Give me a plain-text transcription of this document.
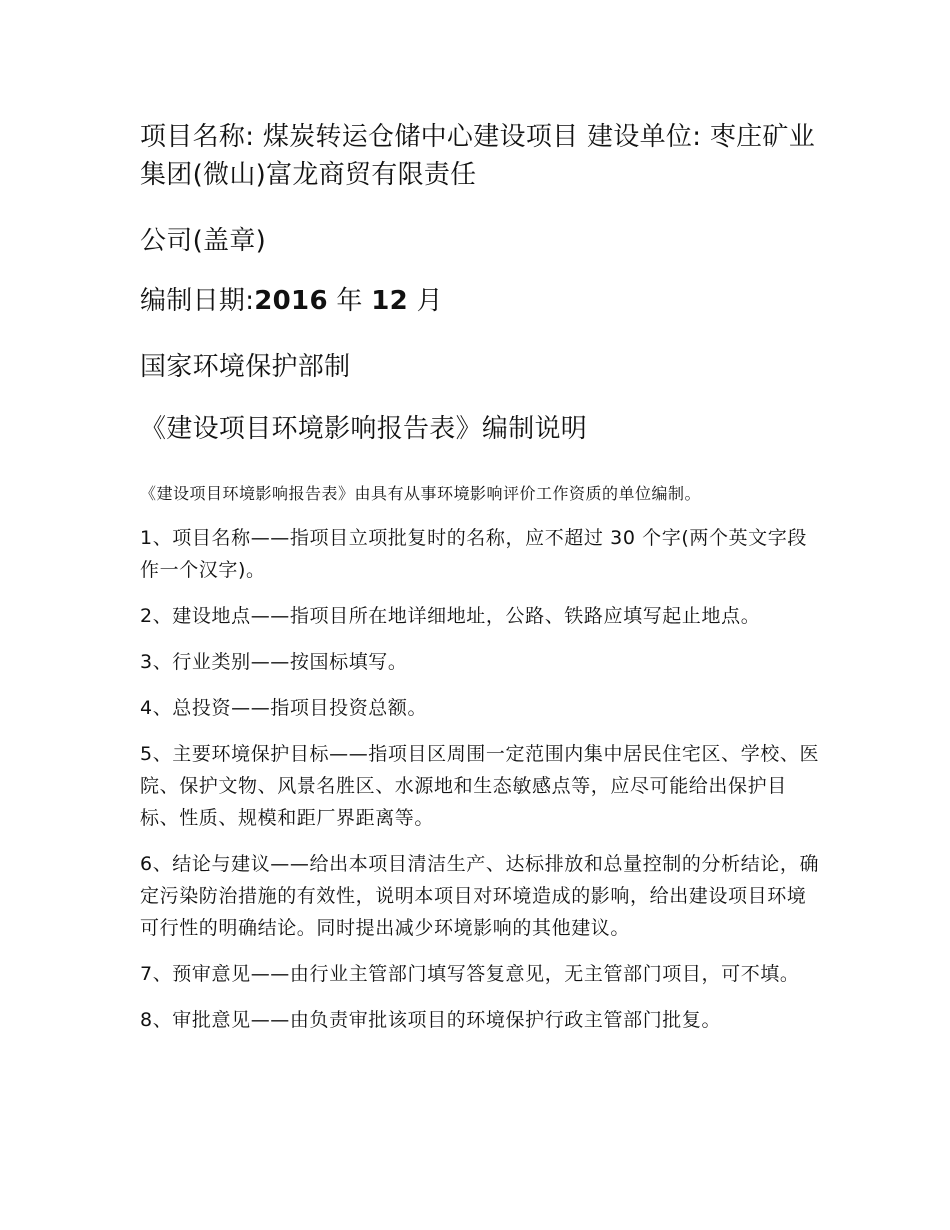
项目名称: 煤炭转运仓储中心建设项目 建设单位: 枣庄矿业集团(微山)富龙商贸有限责任

公司(盖章)

编制日期:2016 年 12 月

国家环境保护部制

《建设项目环境影响报告表》编制说明

《建设项目环境影响报告表》由具有从事环境影响评价工作资质的单位编制。

1、项目名称——指项目立项批复时的名称，应不超过 30 个字(两个英文字段作一个汉字)。

2、建设地点——指项目所在地详细地址，公路、铁路应填写起止地点。

3、行业类别——按国标填写。

4、总投资——指项目投资总额。

5、主要环境保护目标——指项目区周围一定范围内集中居民住宅区、学校、医院、保护文物、风景名胜区、水源地和生态敏感点等，应尽可能给出保护目标、性质、规模和距厂界距离等。

6、结论与建议——给出本项目清洁生产、达标排放和总量控制的分析结论，确定污染防治措施的有效性，说明本项目对环境造成的影响，给出建设项目环境可行性的明确结论。同时提出减少环境影响的其他建议。

7、预审意见——由行业主管部门填写答复意见，无主管部门项目，可不填。

8、审批意见——由负责审批该项目的环境保护行政主管部门批复。
